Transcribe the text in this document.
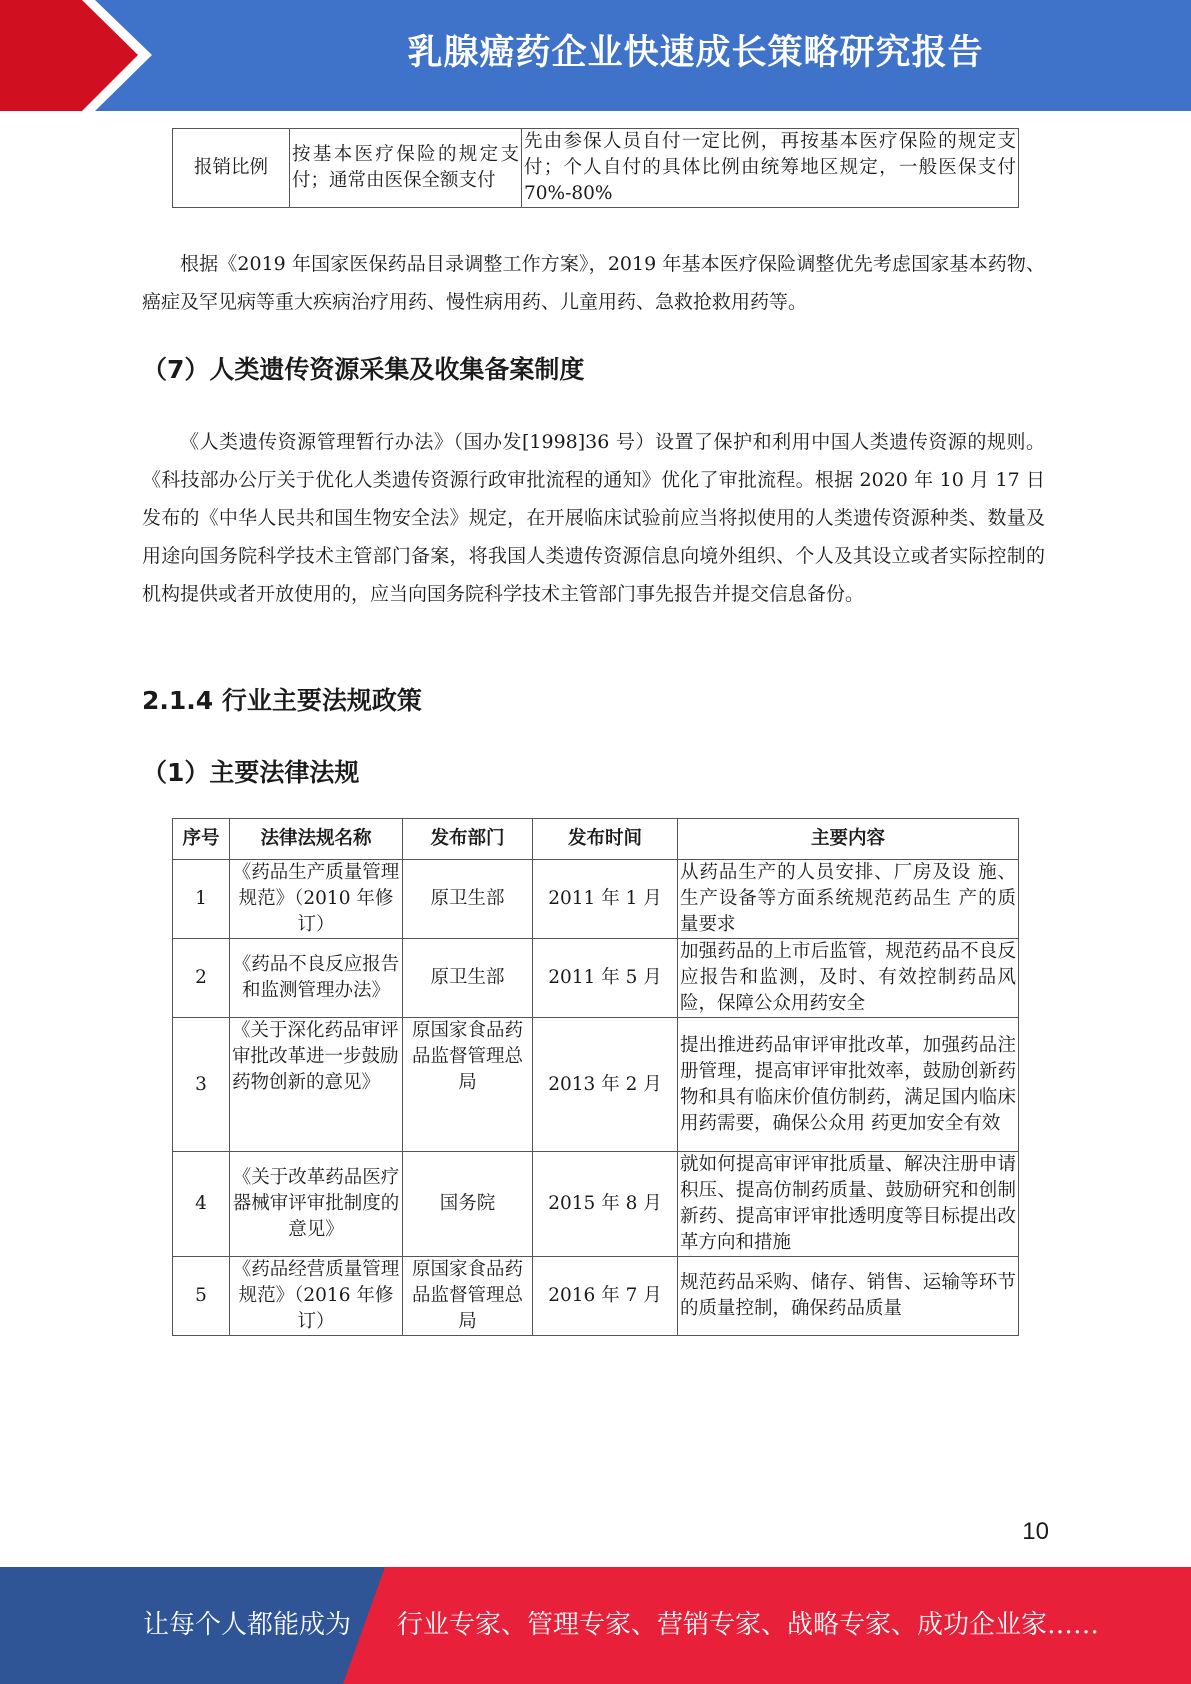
乳腺癌药企业快速成长策略研究报告
报销比例	按基本医疗保险的规定支付；通常由医保全额支付	先由参保人员自付一定比例，再按基本医疗保险的规定支付；个人自付的具体比例由统筹地区规定，一般医保支付 70%-80%

根据《2019 年国家医保药品目录调整工作方案》，2019 年基本医疗保险调整优先考虑国家基本药物、癌症及罕见病等重大疾病治疗用药、慢性病用药、儿童用药、急救抢救用药等。

（7）人类遗传资源采集及收集备案制度

《人类遗传资源管理暂行办法》（国办发[1998]36 号）设置了保护和利用中国人类遗传资源的规则。《科技部办公厅关于优化人类遗传资源行政审批流程的通知》优化了审批流程。根据 2020 年 10 月 17 日发布的《中华人民共和国生物安全法》规定，在开展临床试验前应当将拟使用的人类遗传资源种类、数量及用途向国务院科学技术主管部门备案，将我国人类遗传资源信息向境外组织、个人及其设立或者实际控制的机构提供或者开放使用的，应当向国务院科学技术主管部门事先报告并提交信息备份。

2.1.4 行业主要法规政策
（1）主要法律法规
序号	法律法规名称	发布部门	发布时间	主要内容
1	《药品生产质量管理规范》（2010 年修订）	原卫生部	2011 年 1 月	从药品生产的人员安排、厂房及设 施、生产设备等方面系统规范药品生 产的质量要求
2	《药品不良反应报告和监测管理办法》	原卫生部	2011 年 5 月	加强药品的上市后监管，规范药品不良反应报告和监测，及时、有效控制药品风险，保障公众用药安全
3	《关于深化药品审评审批改革进一步鼓励药物创新的意见》	原国家食品药品监督管理总局	2013 年 2 月	提出推进药品审评审批改革，加强药品注册管理，提高审评审批效率，鼓励创新药物和具有临床价值仿制药，满足国内临床用药需要，确保公众用 药更加安全有效
4	《关于改革药品医疗器械审评审批制度的意见》	国务院	2015 年 8 月	就如何提高审评审批质量、解决注册申请积压、提高仿制药质量、鼓励研究和创制新药、提高审评审批透明度等目标提出改革方向和措施
5	《药品经营质量管理规范》（2016 年修订）	原国家食品药品监督管理总局	2016 年 7 月	规范药品采购、储存、销售、运输等环节的质量控制，确保药品质量
10
让每个人都能成为 行业专家、管理专家、营销专家、战略专家、成功企业家……
